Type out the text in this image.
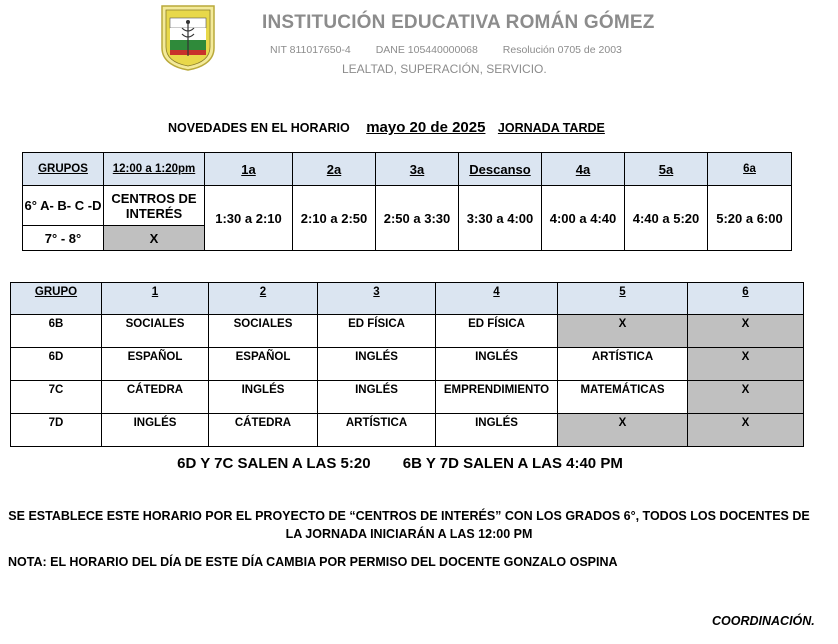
INSTITUCIÓN EDUCATIVA ROMÁN GÓMEZ
NIT 811017650-4 DANE 105440000068 Resolución 0705 de 2003
LEALTAD, SUPERACIÓN, SERVICIO.
NOVEDADES EN EL HORARIO mayo 20 de 2025 JORNADA TARDE
GRUPOS	12:00 a 1:20pm	1a	2a	3a	Descanso	4a	5a	6a
6° A- B- C -D	CENTROS DE INTERÉS	1:30 a 2:10	2:10 a 2:50	2:50 a 3:30	3:30 a 4:00	4:00 a 4:40	4:40 a 5:20	5:20 a 6:00
7° - 8°	X							
GRUPO	1	2	3	4	5	6
6B	SOCIALES	SOCIALES	ED FÍSICA	ED FÍSICA	X	X
6D	ESPAÑOL	ESPAÑOL	INGLÉS	INGLÉS	ARTÍSTICA	X
7C	CÁTEDRA	INGLÉS	INGLÉS	EMPRENDIMIENTO	MATEMÁTICAS	X
7D	INGLÉS	CÁTEDRA	ARTÍSTICA	INGLÉS	X	X
6D Y 7C SALEN A LAS 5:20 6B Y 7D SALEN A LAS 4:40 PM
SE ESTABLECE ESTE HORARIO POR EL PROYECTO DE “CENTROS DE INTERÉS” CON LOS GRADOS 6°, TODOS LOS DOCENTES DE LA JORNADA INICIARÁN A LAS 12:00 PM
NOTA: EL HORARIO DEL DÍA DE ESTE DÍA CAMBIA POR PERMISO DEL DOCENTE GONZALO OSPINA
COORDINACIÓN.
